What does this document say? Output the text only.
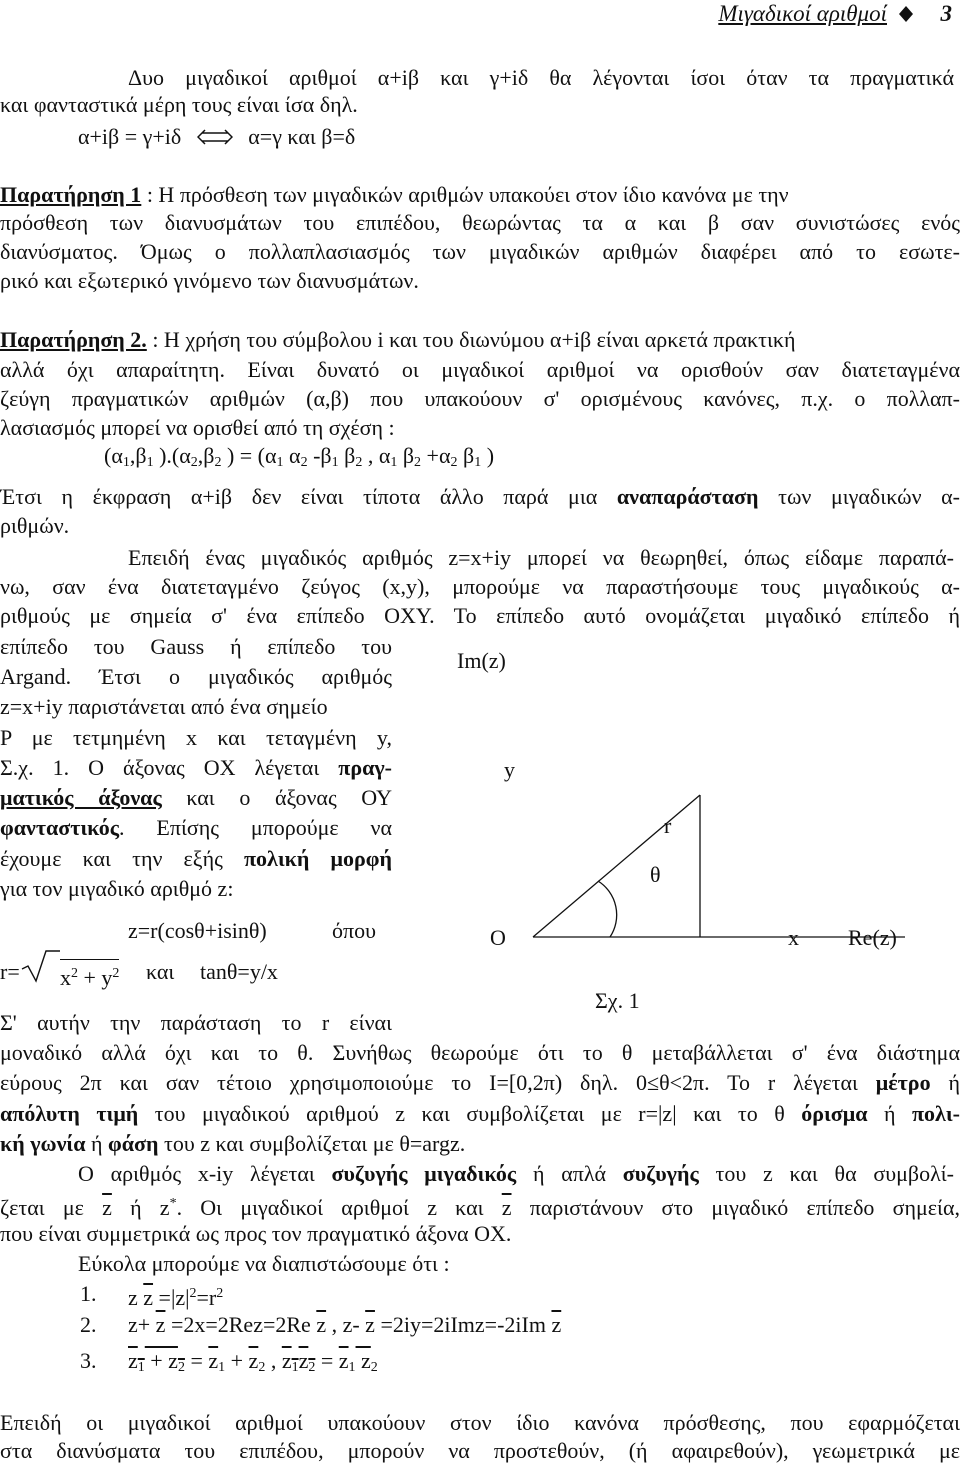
Μιγαδικοί αριθμοί 3
Δυο μιγαδικοί αριθμοί α+iβ και γ+iδ θα λέγονται ίσοι όταν τα πραγματικά
και φανταστικά μέρη τους είναι ίσα δηλ.
α+iβ = γ+iδ	α=γ και β=δ
Παρατήρηση 1 : Η πρόσθεση των μιγαδικών αριθμών υπακούει στον ίδιο κανόνα με την
πρόσθεση των διανυσμάτων του επιπέδου, θεωρώντας τα α και β σαν συνιστώσες ενός
διανύσματος. Όμως ο πολλαπλασιασμός των μιγαδικών αριθμών διαφέρει από το εσωτε-
ρικό και εξωτερικό γινόμενο των διανυσμάτων.
Παρατήρηση 2. : Η χρήση του σύμβολου i και του διωνύμου α+iβ είναι αρκετά πρακτική
αλλά όχι απαραίτητη. Είναι δυνατό οι μιγαδικοί αριθμοί να ορισθούν σαν διατεταγμένα
ζεύγη πραγματικών αριθμών (α,β) που υπακούουν σ' ορισμένους κανόνες, π.χ. ο πολλαπ-
λασιασμός μπορεί να ορισθεί από τη σχέση :
($\alpha_1,\beta_1$ )$.(\alpha_2,\beta_2$ ) = ($\alpha_1$ $\alpha_2$ $-\beta_1$ $\beta_2$ , $\alpha_1$ $\beta_2 +\alpha_2$ $\beta_1$ )
Έτσι η έκφραση α+iβ δεν είναι τίποτα άλλο παρά μια αναπαράσταση των μιγαδικών α-
ριθμών.
Επειδή ένας μιγαδικός αριθμός z=x+iy μπορεί να θεωρηθεί, όπως είδαμε παραπά-
νω, σαν ένα διατεταγμένο ζεύγος (x,y), μπορούμε να παραστήσουμε τους μιγαδικούς α-
ριθμούς με σημεία σ' ένα επίπεδο ΟΧΥ. Το επίπεδο αυτό ονομάζεται μιγαδικό επίπεδο ή
επίπεδο του Gauss ή επίπεδο του
Argand. Έτσι ο μιγαδικός αριθμός
z=x+iy παριστάνεται από ένα σημείο
P με τετμημένη x και τεταγμένη y,
Σ.χ. 1. Ο άξονας ΟΧ λέγεται πραγ-
ματικός άξονας και ο άξονας ΟΥ
φανταστικός. Επίσης μπορούμε να
έχουμε και την εξής πολική μορφή
για τον μιγαδικό αριθμό z:
z=r(cosθ+isinθ)	όπου
$r= x^2 + y^2$ και tanθ=y/x
Σ' αυτήν την παράσταση το r είναι
μοναδικό αλλά όχι και το θ. Συνήθως θεωρούμε ότι το θ μεταβάλλεται σ' ένα διάστημα
εύρους 2π και σαν τέτοιο χρησιμοποιούμε το I=[0,2π) δηλ. 0≤θ<2π. Το r λέγεται μέτρο ή
απόλυτη τιμή του μιγαδικού αριθμού z και συμβολίζεται με r=|z| και το θ όρισμα ή πολι-
κή γωνία ή φάση του z και συμβολίζεται με θ=argz.
Ο αριθμός x-iy λέγεται συζυγής μιγαδικός ή απλά συζυγής του z και θα συμβολί-
ζεται με $\overline{z}$ ή z*. Οι μιγαδικοί αριθμοί z και $\overline{z}$ παριστάνουν στο μιγαδικό επίπεδο σημεία,
που είναι συμμετρικά ως προς τον πραγματικό άξονα ΟΧ.
Εύκολα μπορούμε να διαπιστώσουμε ότι :
1. z $\overline{z} =|z|^2=r^2$
2. $z+ \overline{z} =2x=2Rez=2Re$ $\overline{z}$ , z- $\overline{z}$ =2iy=2iImz=-2iIm $\overline{z}$
3. $z_1 + z_2 = z_1 + z_2$ , $z_1z_2 = z_1$ $z_2$
Επειδή οι μιγαδικοί αριθμοί υπακούουν στον ίδιο κανόνα πρόσθεσης, που εφαρμόζεται
στα διανύσματα του επιπέδου, μπορούν να προστεθούν, (ή αφαιρεθούν), γεωμετρικά με
Im(z)
y
r
θ
O	x Re(z)
Σχ. 1
